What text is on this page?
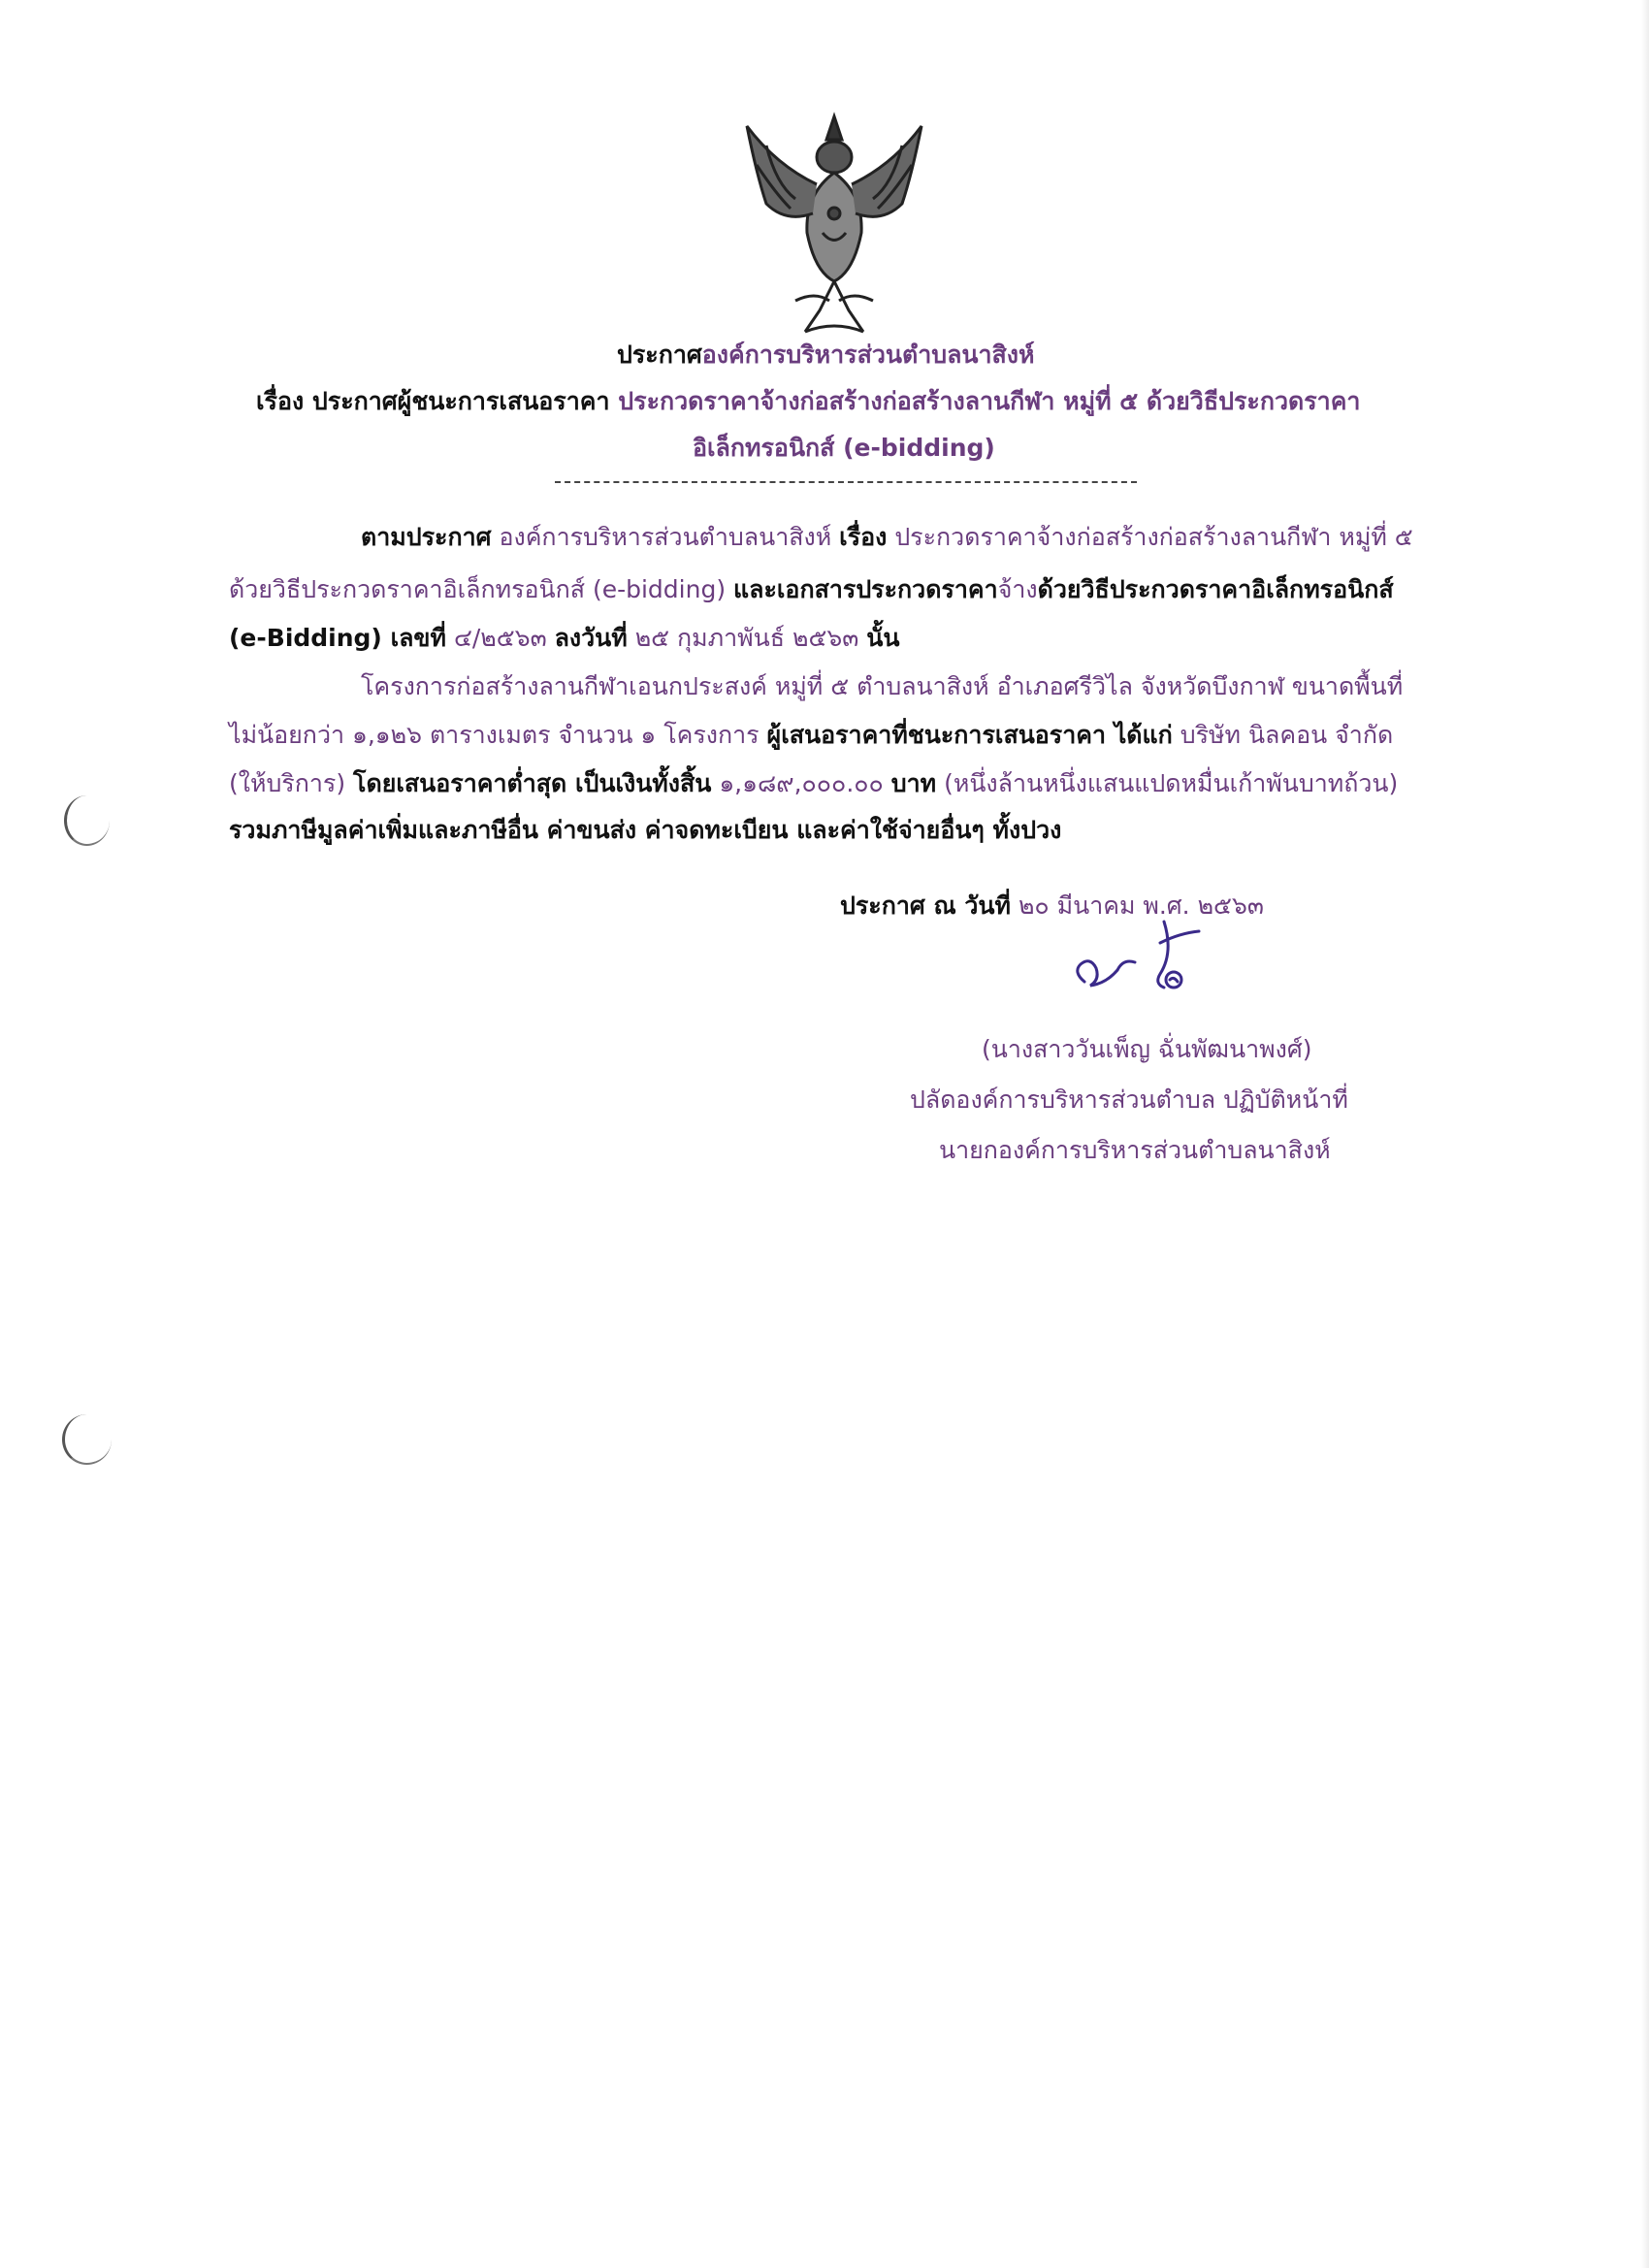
ประกาศองค์การบริหารส่วนตำบลนาสิงห์
เรื่อง ประกาศผู้ชนะการเสนอราคา ประกวดราคาจ้างก่อสร้างก่อสร้างลานกีฬา หมู่ที่ ๕ ด้วยวิธีประกวดราคา
อิเล็กทรอนิกส์ (e-bidding)
ตามประกาศ องค์การบริหารส่วนตำบลนาสิงห์ เรื่อง ประกวดราคาจ้างก่อสร้างก่อสร้างลานกีฬา หมู่ที่ ๕
ด้วยวิธีประกวดราคาอิเล็กทรอนิกส์ (e-bidding) และเอกสารประกวดราคาจ้างด้วยวิธีประกวดราคาอิเล็กทรอนิกส์
(e-Bidding) เลขที่ ๔/๒๕๖๓ ลงวันที่ ๒๕ กุมภาพันธ์ ๒๕๖๓ นั้น
โครงการก่อสร้างลานกีฬาเอนกประสงค์ หมู่ที่ ๕ ตำบลนาสิงห์ อำเภอศรีวิไล จังหวัดบึงกาฬ ขนาดพื้นที่
ไม่น้อยกว่า ๑,๑๒๖ ตารางเมตร จำนวน ๑ โครงการ ผู้เสนอราคาที่ชนะการเสนอราคา ได้แก่ บริษัท นิลคอน จำกัด
(ให้บริการ) โดยเสนอราคาต่ำสุด เป็นเงินทั้งสิ้น ๑,๑๘๙,๐๐๐.๐๐ บาท (หนึ่งล้านหนึ่งแสนแปดหมื่นเก้าพันบาทถ้วน)
รวมภาษีมูลค่าเพิ่มและภาษีอื่น ค่าขนส่ง ค่าจดทะเบียน และค่าใช้จ่ายอื่นๆ ทั้งปวง
ประกาศ ณ วันที่ ๒๐ มีนาคม พ.ศ. ๒๕๖๓
(นางสาววันเพ็ญ ฉั่นพัฒนาพงศ์)
ปลัดองค์การบริหารส่วนตำบล ปฏิบัติหน้าที่
นายกองค์การบริหารส่วนตำบลนาสิงห์
